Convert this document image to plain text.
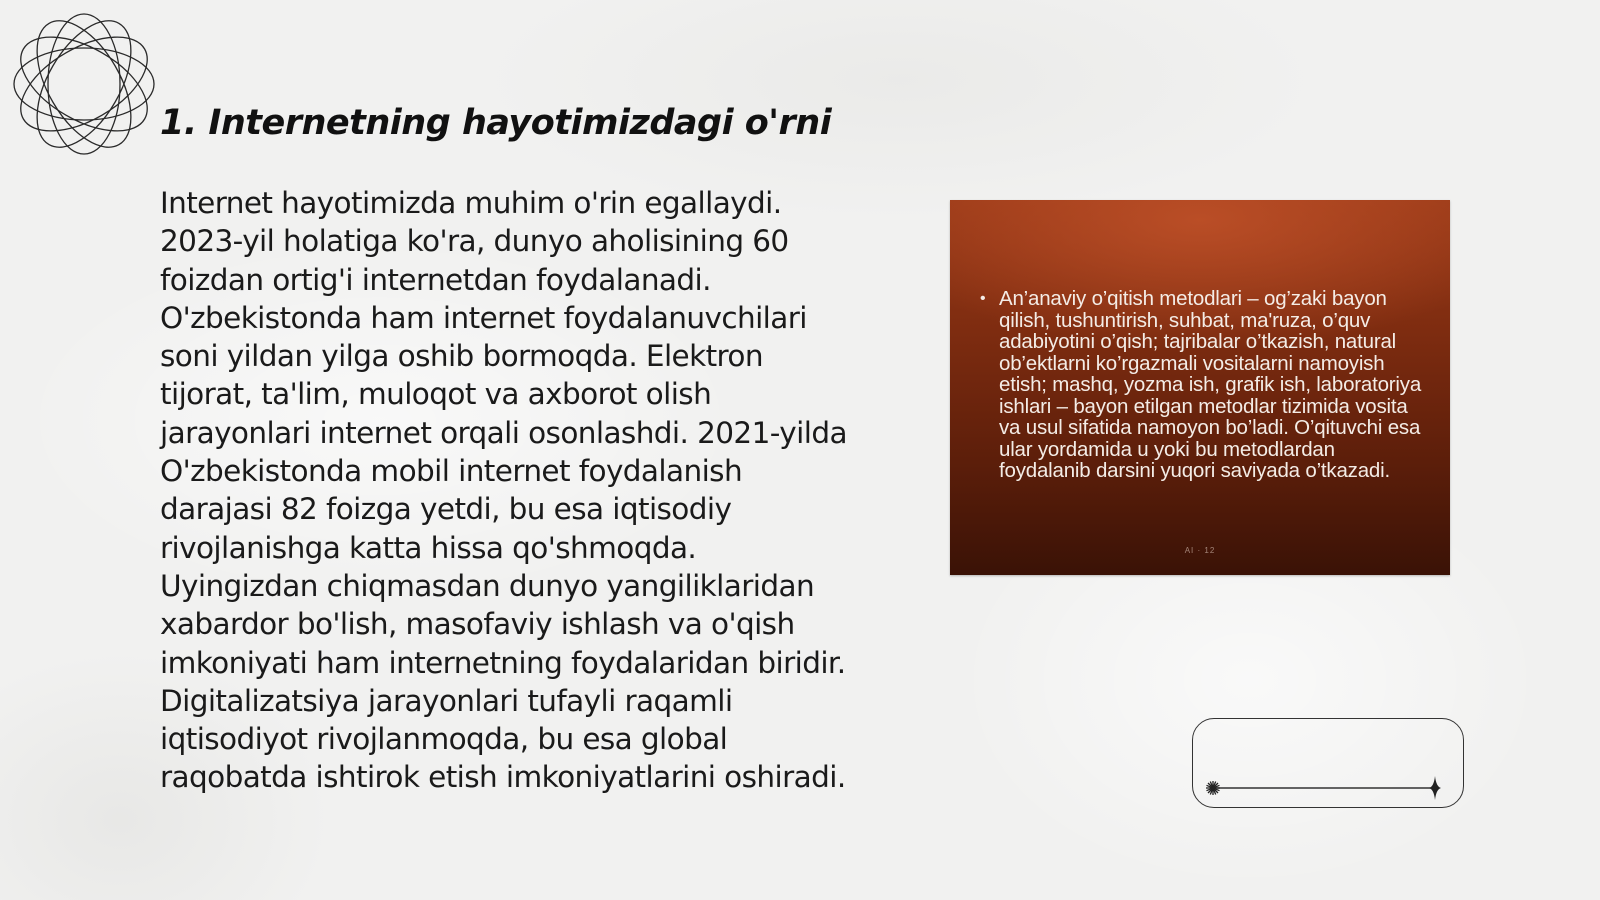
1. Internetning hayotimizdagi o'rni

Internet hayotimizda muhim o'rin egallaydi. 2023-yil holatiga ko'ra, dunyo aholisining 60 foizdan ortig'i internetdan foydalanadi. O'zbekistonda ham internet foydalanuvchilari soni yildan yilga oshib bormoqda. Elektron tijorat, ta'lim, muloqot va axborot olish jarayonlari internet orqali osonlashdi. 2021-yilda O'zbekistonda mobil internet foydalanish darajasi 82 foizga yetdi, bu esa iqtisodiy rivojlanishga katta hissa qo'shmoqda. Uyingizdan chiqmasdan dunyo yangiliklaridan xabardor bo'lish, masofaviy ishlash va o'qish imkoniyati ham internetning foydalaridan biridir. Digitalizatsiya jarayonlari tufayli raqamli iqtisodiyot rivojlanmoqda, bu esa global raqobatda ishtirok etish imkoniyatlarini oshiradi.

• An’anaviy o’qitish metodlari – og’zaki bayon qilish, tushuntirish, suhbat, ma'ruza, o’quv adabiyotini o’qish; tajribalar o’tkazish, natural ob’ektlarni ko’rgazmali vositalarni namoyish etish; mashq, yozma ish, grafik ish, laboratoriya ishlari – bayon etilgan metodlar tizimida vosita va usul sifatida namoyon bo’ladi. O’qituvchi esa ular yordamida u yoki bu metodlardan foydalanib darsini yuqori saviyada o’tkazadi.
AI · 12
